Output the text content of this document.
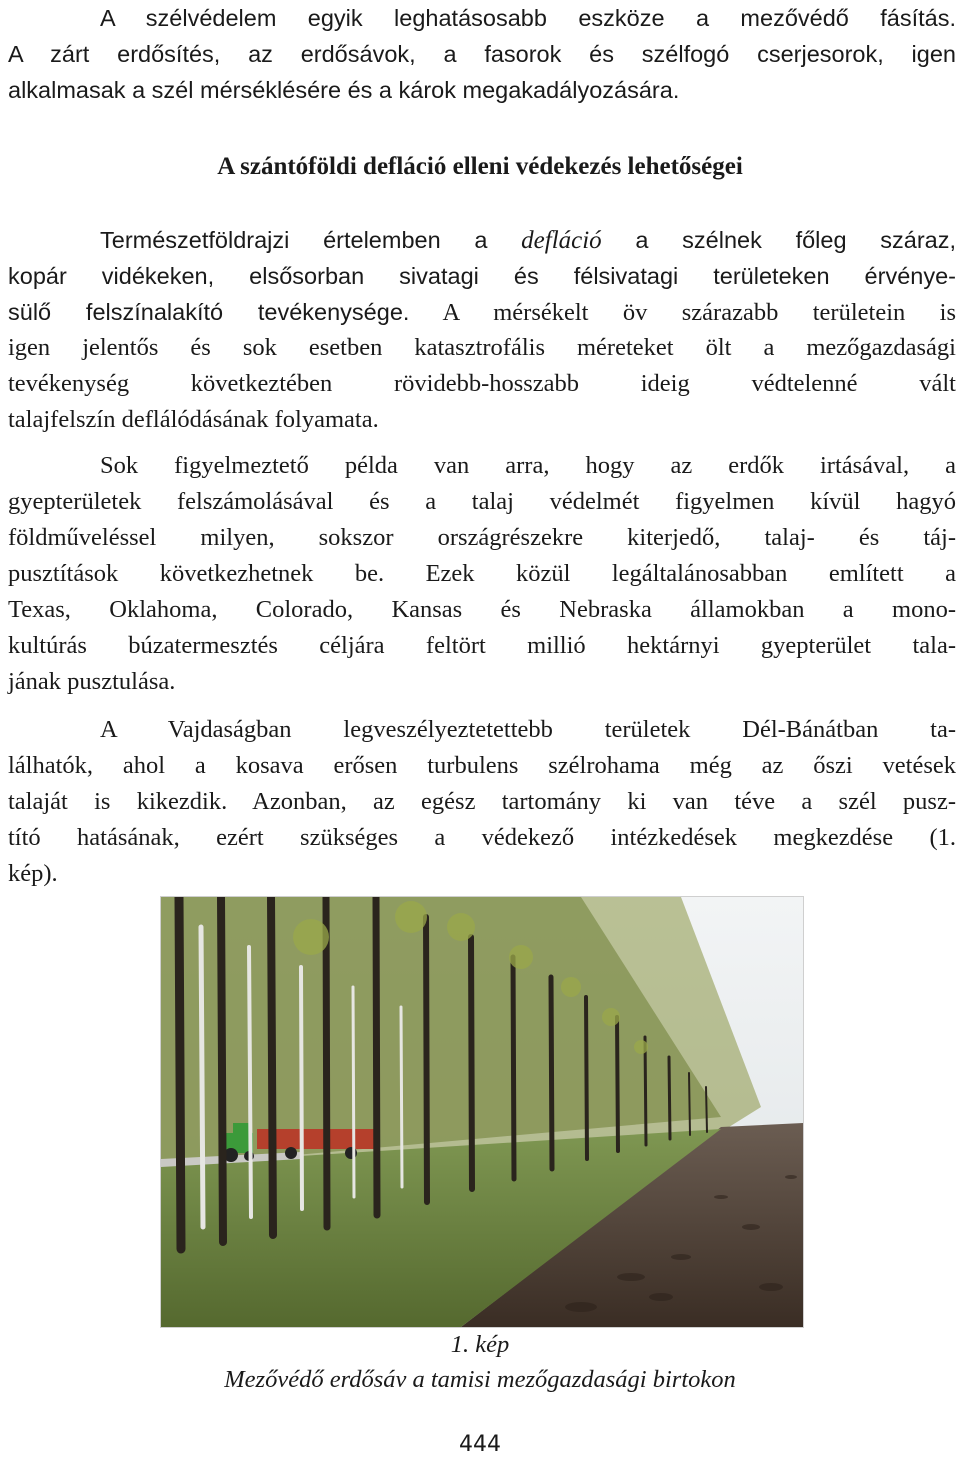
A szélvédelem egyik leghatásosabb eszköze a mezővédő fásítás.
A zárt erdősítés, az erdősávok, a fasorok és szélfogó cserjesorok, igen
alkalmasak a szél mérséklésére és a károk megakadályozására.
A szántóföldi defláció elleni védekezés lehetőségei
Természetföldrajzi értelemben a defláció a szélnek főleg száraz,
kopár vidékeken, elsősorban sivatagi és félsivatagi területeken érvénye-
sülő felszínalakító tevékenysége. A mérsékelt öv szárazabb területein is
igen jelentős és sok esetben katasztrofális méreteket ölt a mezőgazdasági
tevékenység következtében rövidebb-hosszabb ideig védtelenné vált
talajfelszín deflálódásának folyamata.
Sok figyelmeztető példa van arra, hogy az erdők irtásával, a
gyepterületek felszámolásával és a talaj védelmét figyelmen kívül hagyó
földműveléssel milyen, sokszor országrészekre kiterjedő, talaj- és táj-
pusztítások következhetnek be. Ezek közül legáltalánosabban említett a
Texas, Oklahoma, Colorado, Kansas és Nebraska államokban a mono-
kultúrás búzatermesztés céljára feltört millió hektárnyi gyepterület tala-
jának pusztulása.
A Vajdaságban legveszélyeztetettebb területek Dél-Bánátban ta-
lálhatók, ahol a kosava erősen turbulens szélrohama még az őszi vetések
talaját is kikezdik. Azonban, az egész tartomány ki van téve a szél pusz-
tító hatásának, ezért szükséges a védekező intézkedések megkezdése (1.
kép).
1. kép
Mezővédő erdősáv a tamisi mezőgazdasági birtokon
444
